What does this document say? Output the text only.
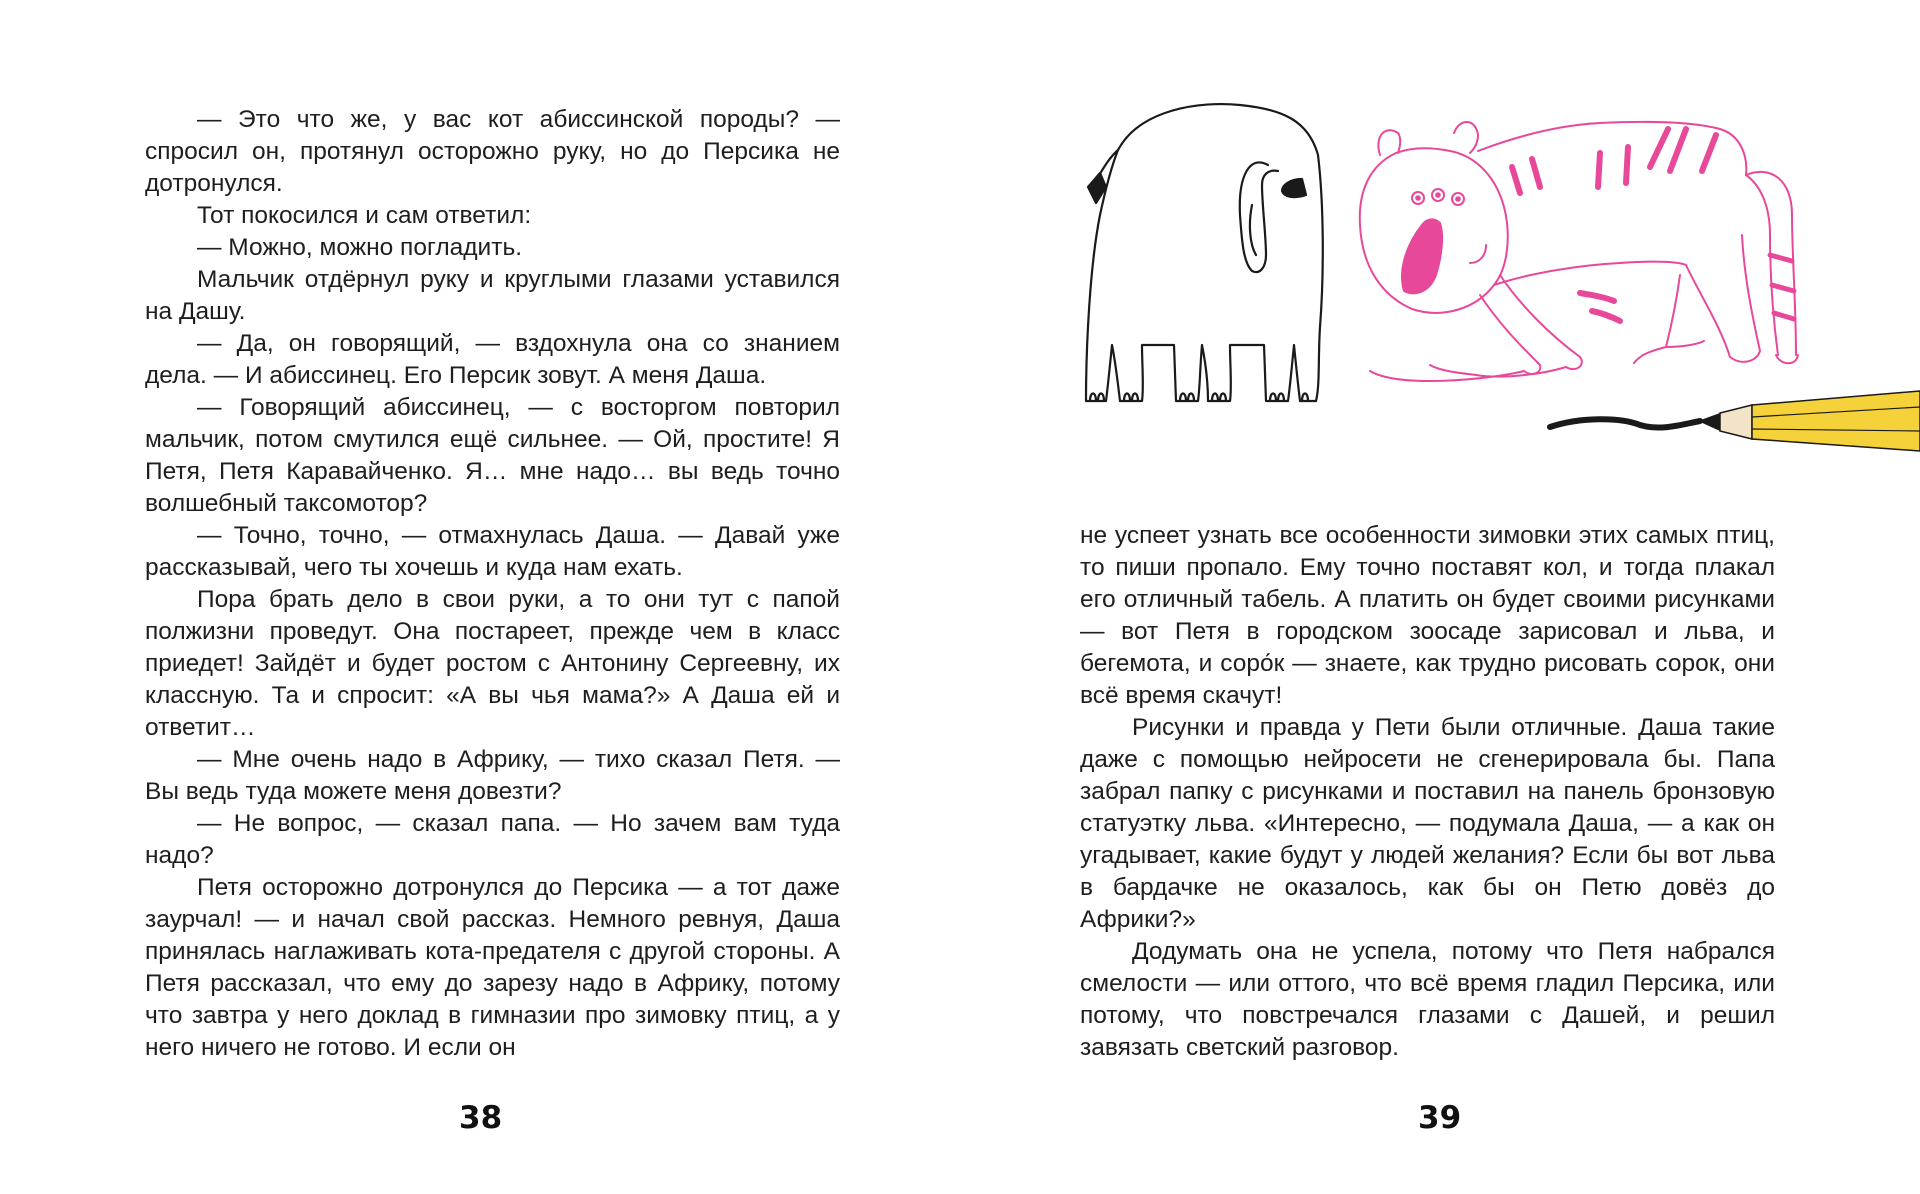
— Это что же, у вас кот абиссинской породы? — спросил он, протянул осторожно руку, но до Персика не дотронулся.

Тот покосился и сам ответил:

— Можно, можно погладить.

Мальчик отдёрнул руку и круглыми глазами уставился на Дашу.

— Да, он говорящий, — вздохнула она со знанием дела. — И абиссинец. Его Персик зовут. А меня Даша.

— Говорящий абиссинец, — с восторгом повторил мальчик, потом смутился ещё сильнее. — Ой, простите! Я Петя, Петя Каравайченко. Я… мне надо… вы ведь точно волшебный таксомотор?

— Точно, точно, — отмахнулась Даша. — Давай уже рассказывай, чего ты хочешь и куда нам ехать.

Пора брать дело в свои руки, а то они тут с папой полжизни проведут. Она постареет, прежде чем в класс приедет! Зайдёт и будет ростом с Антонину Сергеевну, их классную. Та и спросит: «А вы чья мама?» А Даша ей и ответит…

— Мне очень надо в Африку, — тихо сказал Петя. — Вы ведь туда можете меня довезти?

— Не вопрос, — сказал папа. — Но зачем вам туда надо?

Петя осторожно дотронулся до Персика — а тот даже заурчал! — и начал свой рассказ. Немного ревнуя, Даша принялась наглаживать кота-предателя с другой стороны. А Петя рассказал, что ему до зарезу надо в Африку, потому что завтра у него доклад в гимназии про зимовку птиц, а у него ничего не готово. И если он

38

не успеет узнать все особенности зимовки этих самых птиц, то пиши пропало. Ему точно поставят кол, и тогда плакал его отличный табель. А платить он будет своими рисунками — вот Петя в городском зоосаде зарисовал и льва, и бегемота, и соро́к — знаете, как трудно рисовать сорок, они всё время скачут!

Рисунки и правда у Пети были отличные. Даша такие даже с помощью нейросети не сгенерировала бы. Папа забрал папку с рисунками и поставил на панель бронзовую статуэтку льва. «Интересно, — подумала Даша, — а как он угадывает, какие будут у людей желания? Если бы вот льва в бардачке не оказалось, как бы он Петю довёз до Африки?»

Додумать она не успела, потому что Петя набрался смелости — или оттого, что всё время гладил Персика, или потому, что повстречался глазами с Дашей, и решил завязать светский разговор.

39
